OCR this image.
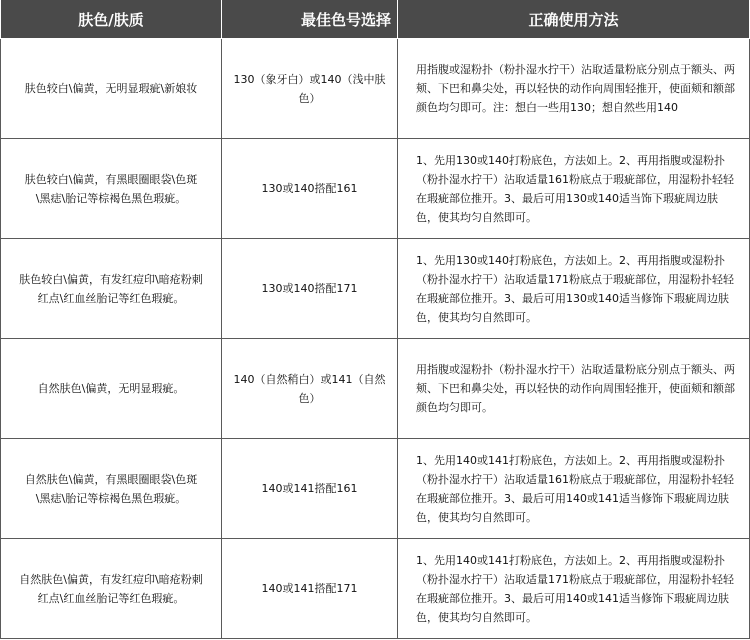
肤色/肤质	最佳色号选择	正确使用方法
肤色较白\偏黄，无明显瑕疵\新娘妆	130（象牙白）或140（浅中肤色）	用指腹或湿粉扑（粉扑湿水拧干）沾取适量粉底分别点于额头、两颊、下巴和鼻尖处，再以轻快的动作向周围轻推开，使面颊和额部颜色均匀即可。注：想白一些用130；想自然些用140
肤色较白\偏黄，有黑眼圈眼袋\色斑\黑痣\胎记等棕褐色黑色瑕疵。	130或140搭配161	1、先用130或140打粉底色，方法如上。2、再用指腹或湿粉扑（粉扑湿水拧干）沾取适量161粉底点于瑕疵部位，用湿粉扑轻轻在瑕疵部位推开。3、最后可用130或140适当饰下瑕疵周边肤色，使其均匀自然即可。
肤色较白\偏黄，有发红痘印\暗疮粉刺红点\红血丝胎记等红色瑕疵。	130或140搭配171	1、先用130或140打粉底色，方法如上。2、再用指腹或湿粉扑（粉扑湿水拧干）沾取适量171粉底点于瑕疵部位，用湿粉扑轻轻在瑕疵部位推开。3、最后可用130或140适当修饰下瑕疵周边肤色，使其均匀自然即可。
自然肤色\偏黄，无明显瑕疵。	140（自然稍白）或141（自然色）	用指腹或湿粉扑（粉扑湿水拧干）沾取适量粉底分别点于额头、两颊、下巴和鼻尖处，再以轻快的动作向周围轻推开，使面颊和额部颜色均匀即可。
自然肤色\偏黄，有黑眼圈眼袋\色斑\黑痣\胎记等棕褐色黑色瑕疵。	140或141搭配161	1、先用140或141打粉底色，方法如上。2、再用指腹或湿粉扑（粉扑湿水拧干）沾取适量161粉底点于瑕疵部位，用湿粉扑轻轻在瑕疵部位推开。3、最后可用140或141适当修饰下瑕疵周边肤色，使其均匀自然即可。
自然肤色\偏黄，有发红痘印\暗疮粉刺红点\红血丝胎记等红色瑕疵。	140或141搭配171	1、先用140或141打粉底色，方法如上。2、再用指腹或湿粉扑（粉扑湿水拧干）沾取适量171粉底点于瑕疵部位，用湿粉扑轻轻在瑕疵部位推开。3、最后可用140或141适当修饰下瑕疵周边肤色，使其均匀自然即可。
